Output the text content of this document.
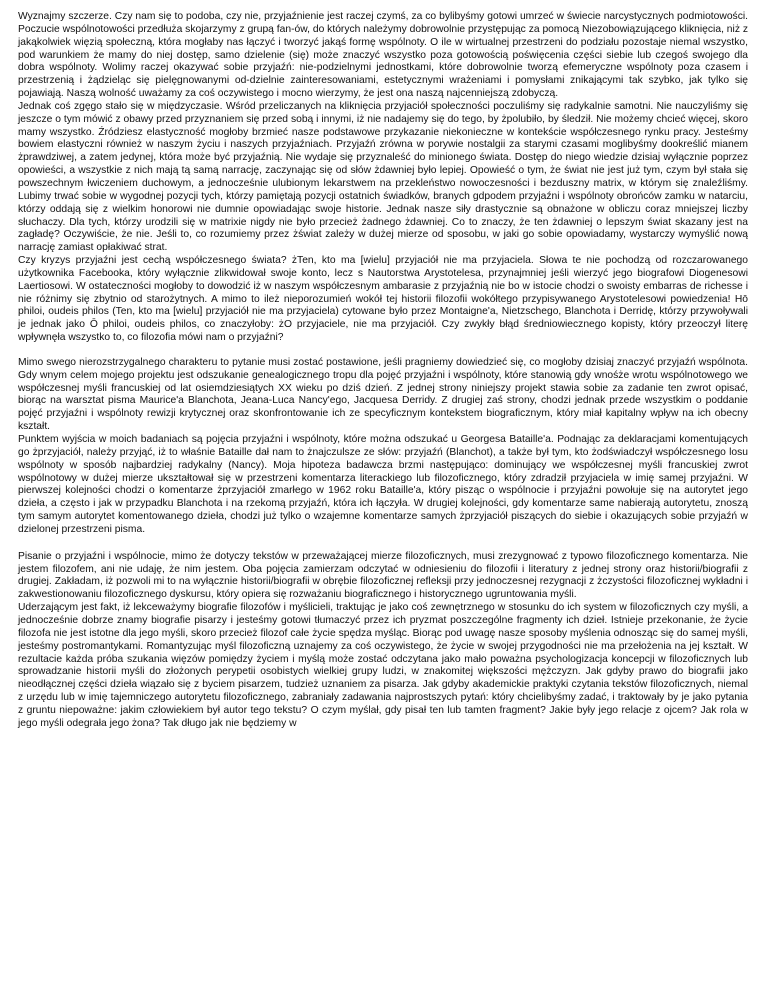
Wyznajmy szczerze. Czy nam się to podoba, czy nie, przyjaźnienie jest raczej czymś, za co bylibyśmy gotowi umrzeć w świecie narcystycznych podmiotowości. Poczucie wspólnotowości przedłuża skojarzymy z grupą fan-ów, do których należymy dobrowolnie przystępując za pomocą Niezobowiązującego kliknięcia, niż z jakąkolwiek więzią społeczną, która mogłaby nas łączyć i tworzyć jakąś formę wspólnoty. O ile w wirtualnej przestrzeni do podziału pozostaje niemal wszystko, pod warunkiem że mamy do niej dostęp, samo dzielenie (się) może znaczyć wszystko poza gotowością poświęcenia części siebie lub czegoś swojego dla dobra wspólnoty. Wolimy raczej okazywać sobie przyjaźń: nie-podzielnymi jednostkami, które dobrowolnie tworzą efemeryczne wspólnoty poza czasem i przestrzenią i żądzieląc się pielęgnowanymi od-dzielnie zainteresowaniami, estetycznymi wrażeniami i pomysłami znikającymi tak szybko, jak tylko się pojawiają. Naszą wolność uważamy za coś oczywistego i mocno wierzymy, że jest ona naszą najcenniejszą zdobyczą.

Jednak coś zgęgo stało się w międzyczasie. Wśród przeliczanych na kliknięcia przyjaciół społeczności poczuliśmy się radykalnie samotni. Nie nauczyliśmy się jeszcze o tym mówić z obawy przed przyznaniem się przed sobą i innymi, iż nie nadajemy się do tego, by żpolubiło, by śledził. Nie możemy chcieć więcej, skoro mamy wszystko. Źródziesz elastyczność mogłoby brzmieć nasze podstawowe przykazanie niekonieczne w kontekście współczesnego rynku pracy. Jesteśmy bowiem elastyczni również w naszym życiu i naszych przyjaźniach. Przyjaźń zrówna w porywie nostalgii za starymi czasami moglibyśmy dookreślić mianem żprawdziwej, a zatem jedynej, która może być przyjaźnią. Nie wydaje się przyznaleść do minionego świata. Dostęp do niego wiedzie dzisiaj wyłącznie poprzez opowieści, a wszystkie z nich mają tą samą narrację, zaczynając się od słów żdawniej było lepiej. Opowieść o tym, że świat nie jest już tym, czym był stała się powszechnym łwiczeniem duchowym, a jednocześnie ulubionym lekarstwem na przekleństwo nowoczesności i bezduszny matrix, w którym się znaleźliśmy. Lubimy trwać sobie w wygodnej pozycji tych, którzy pamiętają pozycji ostatnich świadków, branych gdpodem przyjaźni i wspólnoty obrońców zamku w natarciu, którzy oddają się z wielkim honorowi nie dumnie opowiadając swoje historie. Jednak nasze siły drastycznie są obnażone w obliczu coraz mniejszej liczby słuchaczy. Dla tych, którzy urodzili się w matrixie nigdy nie było przecież żadnego żdawniej. Co to znaczy, że ten żdawniej o lepszym świat skazany jest na zagładę? Oczywiście, że nie. Jeśli to, co rozumiemy przez żświat zależy w dużej mierze od sposobu, w jaki go sobie opowiadamy, wystarczy wymyślić nową narrację zamiast opłakiwać strat.

Czy kryzys przyjaźni jest cechą współczesnego świata? żTen, kto ma [wielu] przyjaciół nie ma przyjaciela. Słowa te nie pochodzą od rozczarowanego użytkownika Facebooka, który wyłącznie zlikwidował swoje konto, lecz s Nautorstwa Arystotelesa, przynajmniej jeśli wierzyć jego biografowi Diogenesowi Laertiosowi. W ostateczności mogłoby to dowodzić iż w naszym współczesnym ambarasie z przyjaźnią nie bo w istocie chodzi o swoisty embarras de richesse i nie różnimy się zbytnio od starożytnych. A mimo to ileż nieporozumień wokół tej historii filozofii wokółtego przypisywanego Arystotelesowi powiedzenia! Hō philoi, oudeis philos (Ten, kto ma [wielu] przyjaciół nie ma przyjaciela) cytowane było przez Montaigne'a, Nietzschego, Blanchota i Derridę, którzy przywoływali je jednak jako Ō philoi, oudeis philos, co znaczyłoby: żO przyjaciele, nie ma przyjaciół. Czy zwykły błąd średniowiecznego kopisty, który przeoczył literę wpływnęła wszystko to, co filozofia mówi nam o przyjaźni?

Mimo swego nierozstrzygalnego charakteru to pytanie musi zostać postawione, jeśli pragniemy dowiedzieć się, co mogłoby dzisiaj znaczyć przyjaźń wspólnota. Gdy wnym celem mojego projektu jest odszukanie genealogicznego tropu dla pojęć przyjaźni i wspólnoty, które stanowią gdy wnośże wrotu wspólnotowego we współczesnej myśli francuskiej od lat osiemdziesiątych XX wieku po dziś dzień. Z jednej strony niniejszy projekt stawia sobie za zadanie ten zwrot opisać, biorąc na warsztat pisma Maurice'a Blanchota, Jeana-Luca Nancy'ego, Jacquesa Derridy. Z drugiej zaś strony, chodzi jednak przede wszystkim o poddanie pojęć przyjaźni i wspólnoty rewizji krytycznej oraz skonfrontowanie ich ze specyficznym kontekstem biograficznym, który miał kapitalny wpływ na ich obecny kształt.

Punktem wyjścia w moich badaniach są pojęcia przyjaźni i wspólnoty, które można odszukać u Georgesa Bataille'a. Podnając za deklaracjami komentujących go żprzyjaciół, należy przyjąć, iż to właśnie Bataille dał nam to żnajczulsze ze słów: przyjaźń (Blanchot), a także był tym, kto żodświadczył współczesnego losu wspólnoty w sposób najbardziej radykalny (Nancy). Moja hipoteza badawcza brzmi następująco: dominujący we współczesnej myśli francuskiej zwrot wspólnotowy w dużej mierze ukształtował się w przestrzeni komentarza literackiego lub filozoficznego, który zdradził przyjaciela w imię samej przyjaźni. W pierwszej kolejności chodzi o komentarze żprzyjaciół zmarłego w 1962 roku Bataille'a, który pisząc o wspólnocie i przyjaźni powołuje się na autorytet jego dzieła, a często i jak w przypadku Blanchota i na rzekomą przyjaźń, która ich łączyła. W drugiej kolejności, gdy komentarze same nabierają autorytetu, znoszą tym samym autorytet komentowanego dzieła, chodzi już tylko o wzajemne komentarze samych żprzyjaciół piszących do siebie i okazujących sobie przyjaźń w dzielonej przestrzeni pisma.

Pisanie o przyjaźni i wspólnocie, mimo że dotyczy tekstów w przeważającej mierze filozoficznych, musi zrezygnować z typowo filozoficznego komentarza. Nie jestem filozofem, ani nie udaję, że nim jestem. Oba pojęcia zamierzam odczytać w odniesieniu do filozofii i literatury z jednej strony oraz historii/biografii z drugiej. Zakładam, iż pozwoli mi to na wyłącznie historii/biografii w obrębie filozoficznej refleksji przy jednoczesnej rezygnacji z żczystości filozoficznej wykładni i zakwestionowaniu filozoficznego dyskursu, który opiera się rozważaniu biograficznego i historycznego ugruntowania myśli.

Uderzającym jest fakt, iż lekceważymy biografie filozofów i myślicieli, traktując je jako coś zewnętrznego w stosunku do ich system w filozoficznych czy myśli, a jednocześnie dobrze znamy biografie pisarzy i jesteśmy gotowi tłumaczyć przez ich pryzmat poszczególne fragmenty ich dzieł. Istnieje przekonanie, że życie filozofa nie jest istotne dla jego myśli, skoro przecież filozof całe życie spędza myśląc. Biorąc pod uwagę nasze sposoby myślenia odnosząc się do samej myśli, jesteśmy postromantykami. Romantyzując myśl filozoficzną uznajemy za coś oczywistego, że życie w swojej przygodności nie ma przełożenia na jej kształt. W rezultacie każda próba szukania więzów pomiędzy życiem i myślą może zostać odczytana jako mało poważna psychologizacja koncepcji w filozoficznych lub sprowadzanie historii myśli do złożonych perypetii osobistych wielkiej grupy ludzi, w znakomitej większości mężczyzn. Jak gdyby prawo do biografii jako nieodłącznej części dzieła wiązało się z byciem pisarzem, tudzież uznaniem za pisarza. Jak gdyby akademickie praktyki czytania tekstów filozoficznych, niemal z urzędu lub w imię tajemniczego autorytetu filozoficznego, zabraniały zadawania najprostszych pytań: który chcielibyśmy zadać, i traktowały by je jako pytania z gruntu niepoważne: jakim człowiekiem był autor tego tekstu? O czym myślał, gdy pisał ten lub tamten fragment? Jakie były jego relacje z ojcem? Jak rola w jego myśli odegrała jego żona? Tak długo jak nie będziemy w
